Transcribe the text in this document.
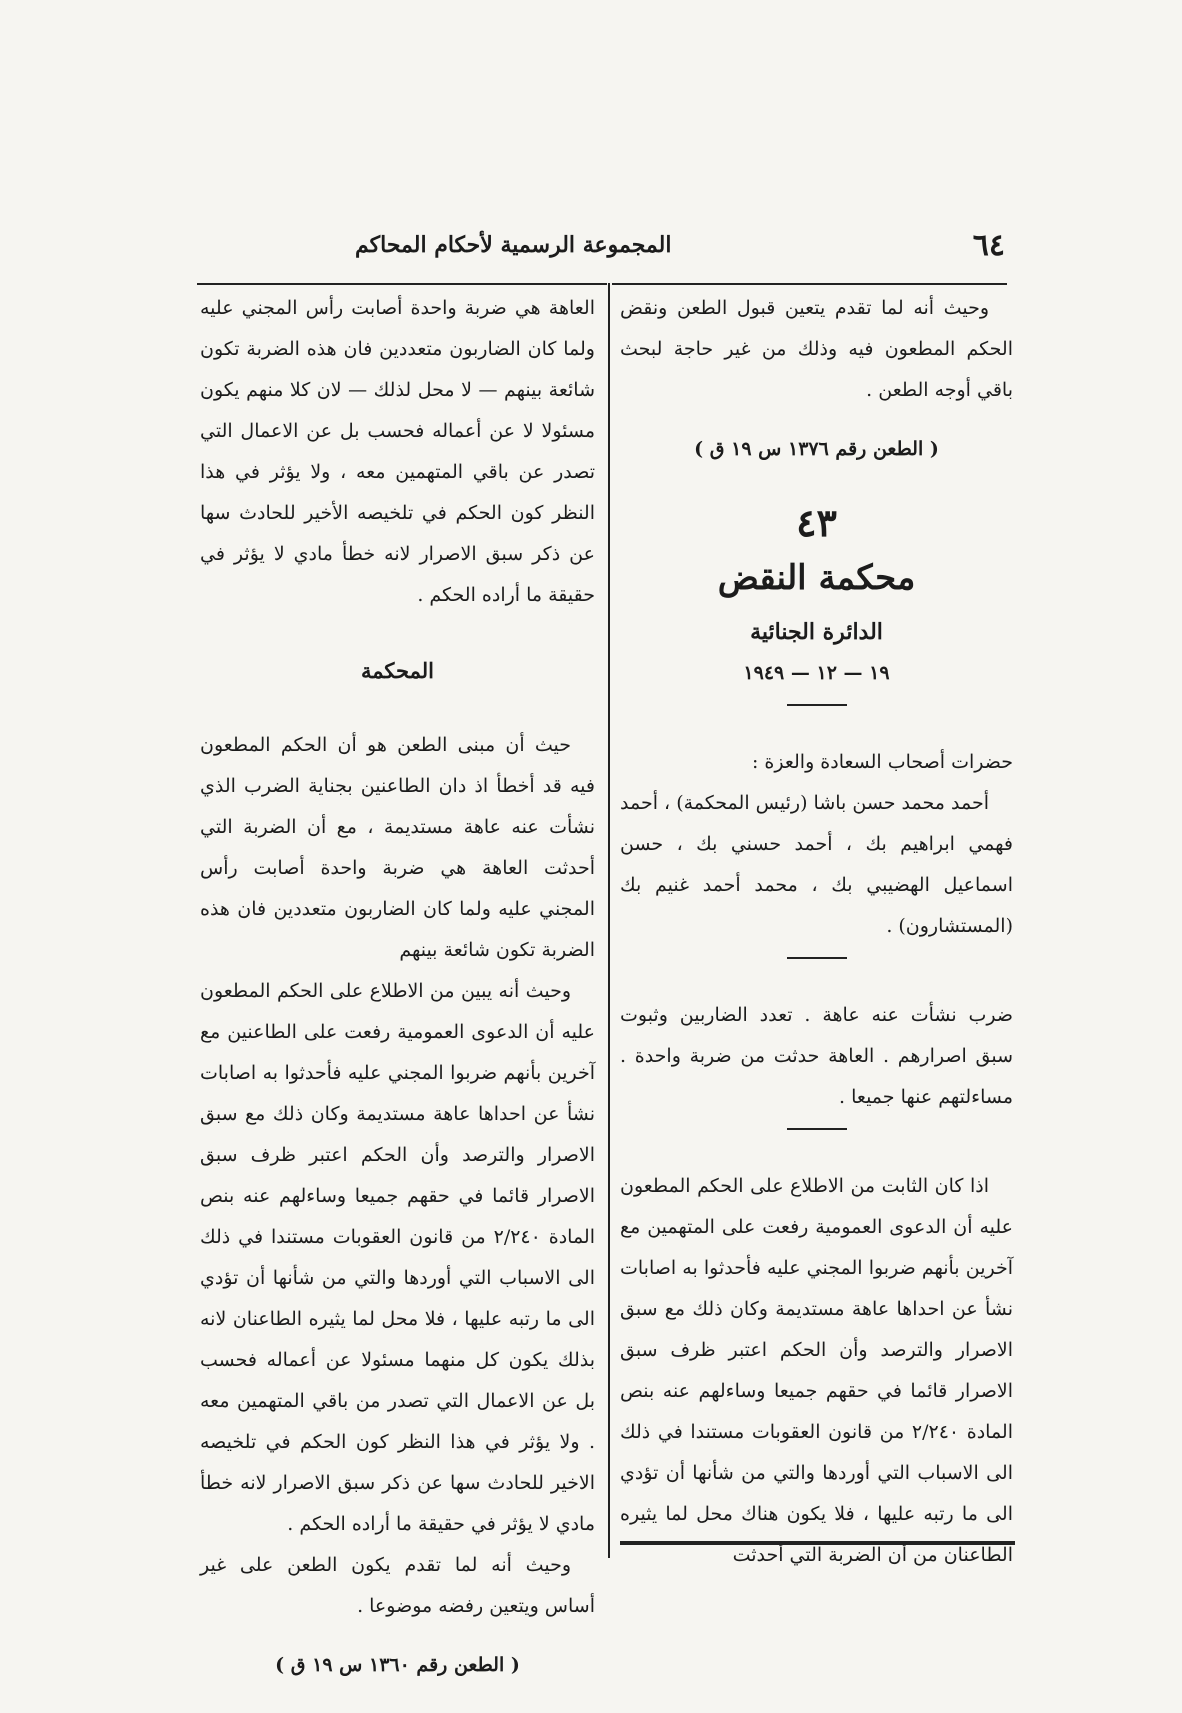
٦٤
المجموعة الرسمية لأحكام المحاكم

وحيث أنه لما تقدم يتعين قبول الطعن ونقض الحكم المطعون فيه وذلك من غير حاجة لبحث باقي أوجه الطعن .

( الطعن رقم ١٣٧٦ س ١٩ ق )

٤٣

محكمة النقض

الدائرة الجنائية

١٩ — ١٢ — ١٩٤٩

حضرات أصحاب السعادة والعزة :

أحمد محمد حسن باشا (رئيس المحكمة) ، أحمد فهمي ابراهيم بك ، أحمد حسني بك ، حسن اسماعيل الهضيبي بك ، محمد أحمد غنيم بك (المستشارون) .

ضرب نشأت عنه عاهة . تعدد الضاربين وثبوت سبق اصرارهم . العاهة حدثت من ضربة واحدة . مساءلتهم عنها جميعا .

اذا كان الثابت من الاطلاع على الحكم المطعون عليه أن الدعوى العمومية رفعت على المتهمين مع آخرين بأنهم ضربوا المجني عليه فأحدثوا به اصابات نشأ عن احداها عاهة مستديمة وكان ذلك مع سبق الاصرار والترصد وأن الحكم اعتبر ظرف سبق الاصرار قائما في حقهم جميعا وساءلهم عنه بنص المادة ٢/٢٤٠ من قانون العقوبات مستندا في ذلك الى الاسباب التي أوردها والتي من شأنها أن تؤدي الى ما رتبه عليها ، فلا يكون هناك محل لما يثيره الطاعنان من أن الضربة التي أحدثت

العاهة هي ضربة واحدة أصابت رأس المجني عليه ولما كان الضاربون متعددين فان هذه الضربة تكون شائعة بينهم — لا محل لذلك — لان كلا منهم يكون مسئولا لا عن أعماله فحسب بل عن الاعمال التي تصدر عن باقي المتهمين معه ، ولا يؤثر في هذا النظر كون الحكم في تلخيصه الأخير للحادث سها عن ذكر سبق الاصرار لانه خطأ مادي لا يؤثر في حقيقة ما أراده الحكم .

المحكمة

حيث أن مبنى الطعن هو أن الحكم المطعون فيه قد أخطأ اذ دان الطاعنين بجناية الضرب الذي نشأت عنه عاهة مستديمة ، مع أن الضربة التي أحدثت العاهة هي ضربة واحدة أصابت رأس المجني عليه ولما كان الضاربون متعددين فان هذه الضربة تكون شائعة بينهم

وحيث أنه يبين من الاطلاع على الحكم المطعون عليه أن الدعوى العمومية رفعت على الطاعنين مع آخرين بأنهم ضربوا المجني عليه فأحدثوا به اصابات نشأ عن احداها عاهة مستديمة وكان ذلك مع سبق الاصرار والترصد وأن الحكم اعتبر ظرف سبق الاصرار قائما في حقهم جميعا وساءلهم عنه بنص المادة ٢/٢٤٠ من قانون العقوبات مستندا في ذلك الى الاسباب التي أوردها والتي من شأنها أن تؤدي الى ما رتبه عليها ، فلا محل لما يثيره الطاعنان لانه بذلك يكون كل منهما مسئولا عن أعماله فحسب بل عن الاعمال التي تصدر من باقي المتهمين معه . ولا يؤثر في هذا النظر كون الحكم في تلخيصه الاخير للحادث سها عن ذكر سبق الاصرار لانه خطأ مادي لا يؤثر في حقيقة ما أراده الحكم .

وحيث أنه لما تقدم يكون الطعن على غير أساس ويتعين رفضه موضوعا .

( الطعن رقم ١٣٦٠ س ١٩ ق )
